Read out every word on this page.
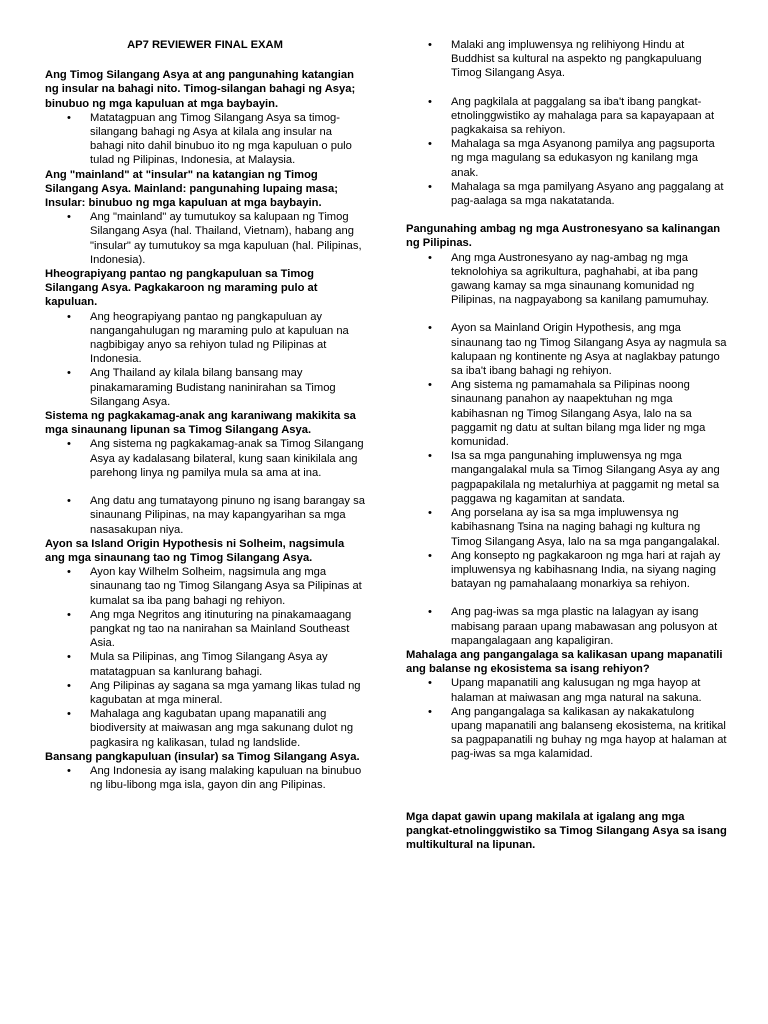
AP7 REVIEWER FINAL EXAM
Ang Timog Silangang Asya at ang pangunahing katangian ng insular na bahagi nito. Timog-silangan bahagi ng Asya; binubuo ng mga kapuluan at mga baybayin.
• Matatagpuan ang Timog Silangang Asya sa timog-silangang bahagi ng Asya at kilala ang insular na bahagi nito dahil binubuo ito ng mga kapuluan o pulo tulad ng Pilipinas, Indonesia, at Malaysia.
Ang "mainland" at "insular" na katangian ng Timog Silangang Asya. Mainland: pangunahing lupaing masa; Insular: binubuo ng mga kapuluan at mga baybayin.
• Ang "mainland" ay tumutukoy sa kalupaan ng Timog Silangang Asya (hal. Thailand, Vietnam), habang ang "insular" ay tumutukoy sa mga kapuluan (hal. Pilipinas, Indonesia).
Hheograpiyang pantao ng pangkapuluan sa Timog Silangang Asya. Pagkakaroon ng maraming pulo at kapuluan.
• Ang heograpiyang pantao ng pangkapuluan ay nangangahulugan ng maraming pulo at kapuluan na nagbibigay anyo sa rehiyon tulad ng Pilipinas at Indonesia.
• Ang Thailand ay kilala bilang bansang may pinakamaraming Budistang naninirahan sa Timog Silangang Asya.
Sistema ng pagkakamag-anak ang karaniwang makikita sa mga sinaunang lipunan sa Timog Silangang Asya.
• Ang sistema ng pagkakamag-anak sa Timog Silangang Asya ay kadalasang bilateral, kung saan kinikilala ang parehong linya ng pamilya mula sa ama at ina.
• Ang datu ang tumatayong pinuno ng isang barangay sa sinaunang Pilipinas, na may kapangyarihan sa mga nasasakupan niya.
Ayon sa Island Origin Hypothesis ni Solheim, nagsimula ang mga sinaunang tao ng Timog Silangang Asya.
• Ayon kay Wilhelm Solheim, nagsimula ang mga sinaunang tao ng Timog Silangang Asya sa Pilipinas at kumalat sa iba pang bahagi ng rehiyon.
• Ang mga Negritos ang itinuturing na pinakamaagang pangkat ng tao na nanirahan sa Mainland Southeast Asia.
• Mula sa Pilipinas, ang Timog Silangang Asya ay matatagpuan sa kanlurang bahagi.
• Ang Pilipinas ay sagana sa mga yamang likas tulad ng kagubatan at mga mineral.
• Mahalaga ang kagubatan upang mapanatili ang biodiversity at maiwasan ang mga sakunang dulot ng pagkasira ng kalikasan, tulad ng landslide.
Bansang pangkapuluan (insular) sa Timog Silangang Asya.
• Ang Indonesia ay isang malaking kapuluan na binubuo ng libu-libong mga isla, gayon din ang Pilipinas.
• Malaki ang impluwensya ng relihiyong Hindu at Buddhist sa kultural na aspekto ng pangkapuluang Timog Silangang Asya.
• Ang pagkilala at paggalang sa iba't ibang pangkat-etnolinggwistiko ay mahalaga para sa kapayapaan at pagkakaisa sa rehiyon.
• Mahalaga sa mga Asyanong pamilya ang pagsuporta ng mga magulang sa edukasyon ng kanilang mga anak.
• Mahalaga sa mga pamilyang Asyano ang paggalang at pag-aalaga sa mga nakatatanda.
Pangunahing ambag ng mga Austronesyano sa kalinangan ng Pilipinas.
• Ang mga Austronesyano ay nag-ambag ng mga teknolohiya sa agrikultura, paghahabi, at iba pang gawang kamay sa mga sinaunang komunidad ng Pilipinas, na nagpayabong sa kanilang pamumuhay.
• Ayon sa Mainland Origin Hypothesis, ang mga sinaunang tao ng Timog Silangang Asya ay nagmula sa kalupaan ng kontinente ng Asya at naglakbay patungo sa iba't ibang bahagi ng rehiyon.
• Ang sistema ng pamamahala sa Pilipinas noong sinaunang panahon ay naapektuhan ng mga kabihasnan ng Timog Silangang Asya, lalo na sa paggamit ng datu at sultan bilang mga lider ng mga komunidad.
• Isa sa mga pangunahing impluwensya ng mga mangangalakal mula sa Timog Silangang Asya ay ang pagpapakilala ng metalurhiya at paggamit ng metal sa paggawa ng kagamitan at sandata.
• Ang porselana ay isa sa mga impluwensya ng kabihasnang Tsina na naging bahagi ng kultura ng Timog Silangang Asya, lalo na sa mga pangangalakal.
• Ang konsepto ng pagkakaroon ng mga hari at rajah ay impluwensya ng kabihasnang India, na siyang naging batayan ng pamahalaang monarkiya sa rehiyon.
• Ang pag-iwas sa mga plastic na lalagyan ay isang mabisang paraan upang mabawasan ang polusyon at mapangalagaan ang kapaligiran.
Mahalaga ang pangangalaga sa kalikasan upang mapanatili ang balanse ng ekosistema sa isang rehiyon?
• Upang mapanatili ang kalusugan ng mga hayop at halaman at maiwasan ang mga natural na sakuna.
• Ang pangangalaga sa kalikasan ay nakakatulong upang mapanatili ang balanseng ekosistema, na kritikal sa pagpapanatili ng buhay ng mga hayop at halaman at pag-iwas sa mga kalamidad.
Mga dapat gawin upang makilala at igalang ang mga pangkat-etnolinggwistiko sa Timog Silangang Asya sa isang multikultural na lipunan.
